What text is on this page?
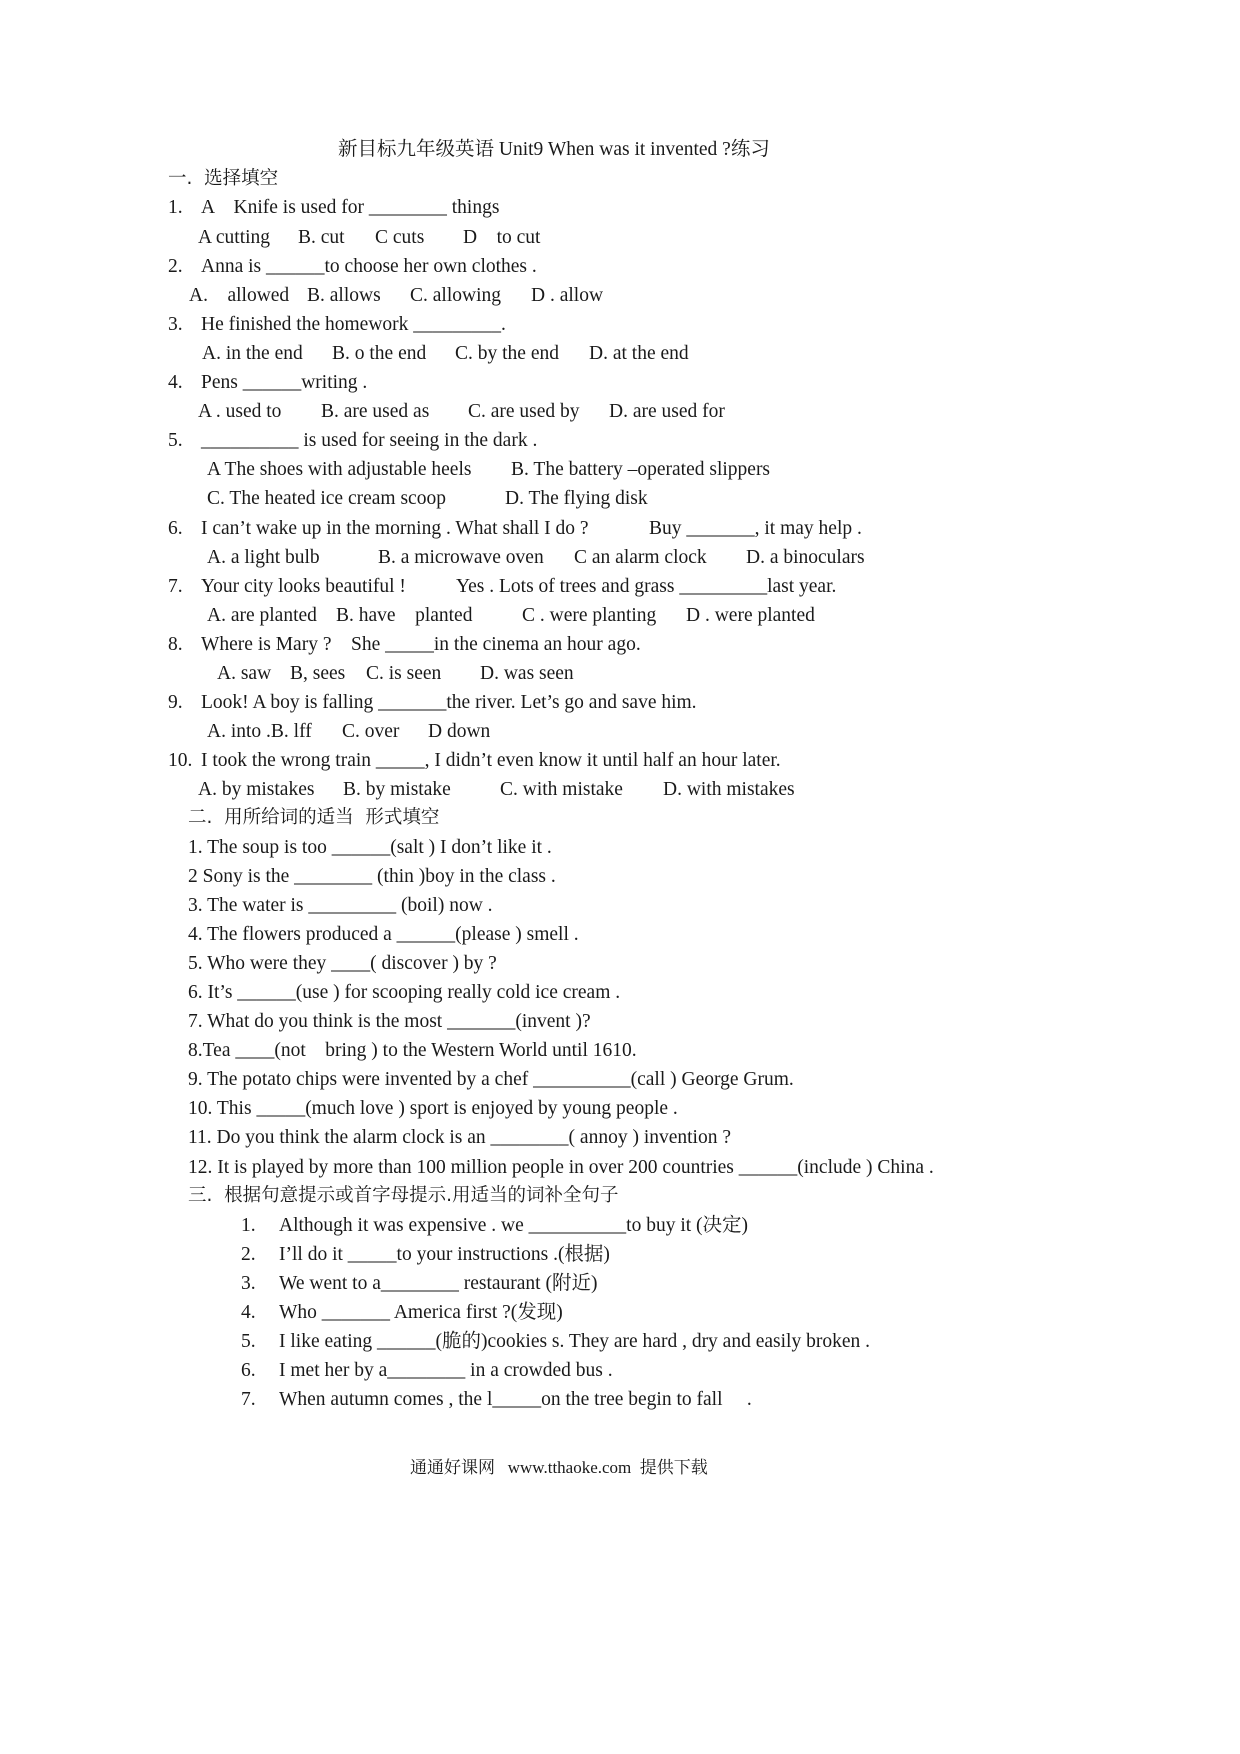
新目标九年级英语 Unit9 When was it invented ?练习
一.  选择填空
1. A    Knife is used for ________ things
A cutting B. cut C cuts D    to cut
2. Anna is ______to choose her own clothes .
A.    allowed B. allows C. allowing D . allow
3. He finished the homework _________.
A. in the end B. o the end C. by the end D. at the end
4. Pens ______writing .
A . used to B. are used as C. are used by D. are used for
5. __________ is used for seeing in the dark .
A The shoes with adjustable heels B. The battery –operated slippers
C. The heated ice cream scoop	D. The flying disk
6. I can’t wake up in the morning . What shall I do ?	Buy _______, it may help .
A. a light bulb	B. a microwave oven C an alarm clock D. a binoculars
7. Your city looks beautiful !	Yes . Lots of trees and grass _________last year.
A. are planted B. have    planted	C . were planting D . were planted
8. Where is Mary ?    She _____in the cinema an hour ago.
A. saw B, sees C. is seen D. was seen
9. Look! A boy is falling _______the river. Let’s go and save him.
A. into .B. lff C. over D down
10. I took the wrong train _____, I didn’t even know it until half an hour later.
A. by mistakes B. by mistake	C. with mistake D. with mistakes
二.  用所给词的适当  形式填空
1. The soup is too ______(salt ) I don’t like it .
2 Sony is the ________ (thin )boy in the class .
3. The water is _________ (boil) now .
4. The flowers produced a ______(please ) smell .
5. Who were they ____( discover ) by ?
6. It’s ______(use ) for scooping really cold ice cream .
7. What do you think is the most _______(invent )?
8.Tea ____(not    bring ) to the Western World until 1610.
9. The potato chips were invented by a chef __________(call ) George Grum.
10. This _____(much love ) sport is enjoyed by young people .
11. Do you think the alarm clock is an ________( annoy ) invention ?
12. It is played by more than 100 million people in over 200 countries ______(include ) China .
三.  根据句意提示或首字母提示.用适当的词补全句子
1. Although it was expensive . we __________to buy it (决定)
2. I’ll do it _____to your instructions .(根据)
3. We went to a________ restaurant (附近)
4. Who _______ America first ?(发现)
5. I like eating ______(脆的)cookies s. They are hard , dry and easily broken .
6. I met her by a________ in a crowded bus .
7. When autumn comes , the l_____on the tree begin to fall     .
通通好课网   www.tthaoke.com  提供下载
